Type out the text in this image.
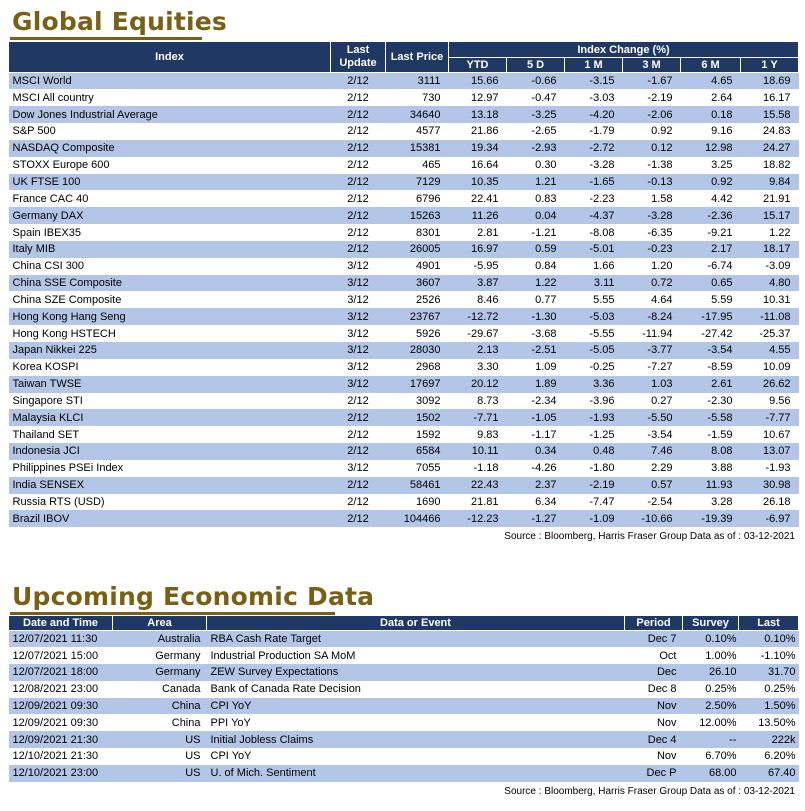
Global Equities
Index	Last Update	Last Price	Index Change (%)					
			YTD	5 D	1 M	3 M	6 M	1 Y
MSCI World	2/12	3111	15.66	-0.66	-3.15	-1.67	4.65	18.69
MSCI All country	2/12	730	12.97	-0.47	-3.03	-2.19	2.64	16.17
Dow Jones Industrial Average	2/12	34640	13.18	-3.25	-4.20	-2.06	0.18	15.58
S&P 500	2/12	4577	21.86	-2.65	-1.79	0.92	9.16	24.83
NASDAQ Composite	2/12	15381	19.34	-2.93	-2.72	0.12	12.98	24.27
STOXX Europe 600	2/12	465	16.64	0.30	-3.28	-1.38	3.25	18.82
UK FTSE 100	2/12	7129	10.35	1.21	-1.65	-0.13	0.92	9.84
France CAC 40	2/12	6796	22.41	0.83	-2.23	1.58	4.42	21.91
Germany DAX	2/12	15263	11.26	0.04	-4.37	-3.28	-2.36	15.17
Spain IBEX35	2/12	8301	2.81	-1.21	-8.08	-6.35	-9.21	1.22
Italy MIB	2/12	26005	16.97	0.59	-5.01	-0.23	2.17	18.17
China CSI 300	3/12	4901	-5.95	0.84	1.66	1.20	-6.74	-3.09
China SSE Composite	3/12	3607	3.87	1.22	3.11	0.72	0.65	4.80
China SZE Composite	3/12	2526	8.46	0.77	5.55	4.64	5.59	10.31
Hong Kong Hang Seng	3/12	23767	-12.72	-1.30	-5.03	-8.24	-17.95	-11.08
Hong Kong HSTECH	3/12	5926	-29.67	-3.68	-5.55	-11.94	-27.42	-25.37
Japan Nikkei 225	3/12	28030	2.13	-2.51	-5.05	-3.77	-3.54	4.55
Korea KOSPI	3/12	2968	3.30	1.09	-0.25	-7.27	-8.59	10.09
Taiwan TWSE	3/12	17697	20.12	1.89	3.36	1.03	2.61	26.62
Singapore STI	2/12	3092	8.73	-2.34	-3.96	0.27	-2.30	9.56
Malaysia KLCI	2/12	1502	-7.71	-1.05	-1.93	-5.50	-5.58	-7.77
Thailand SET	2/12	1592	9.83	-1.17	-1.25	-3.54	-1.59	10.67
Indonesia JCI	2/12	6584	10.11	0.34	0.48	7.46	8.08	13.07
Philippines PSEi Index	3/12	7055	-1.18	-4.26	-1.80	2.29	3.88	-1.93
India SENSEX	2/12	58461	22.43	2.37	-2.19	0.57	11.93	30.98
Russia RTS (USD)	2/12	1690	21.81	6.34	-7.47	-2.54	3.28	26.18
Brazil IBOV	2/12	104466	-12.23	-1.27	-1.09	-10.66	-19.39	-6.97
Source : Bloomberg, Harris Fraser Group Data as of : 03-12-2021
Upcoming Economic Data
Date and Time	Area	Data or Event	Period	Survey	Last
12/07/2021 11:30	Australia	RBA Cash Rate Target	Dec 7	0.10%	0.10%
12/07/2021 15:00	Germany	Industrial Production SA MoM	Oct	1.00%	-1.10%
12/07/2021 18:00	Germany	ZEW Survey Expectations	Dec	26.10	31.70
12/08/2021 23:00	Canada	Bank of Canada Rate Decision	Dec 8	0.25%	0.25%
12/09/2021 09:30	China	CPI YoY	Nov	2.50%	1.50%
12/09/2021 09:30	China	PPI YoY	Nov	12.00%	13.50%
12/09/2021 21:30	US	Initial Jobless Claims	Dec 4	--	222k
12/10/2021 21:30	US	CPI YoY	Nov	6.70%	6.20%
12/10/2021 23:00	US	U. of Mich. Sentiment	Dec P	68.00	67.40
Source : Bloomberg, Harris Fraser Group Data as of : 03-12-2021
